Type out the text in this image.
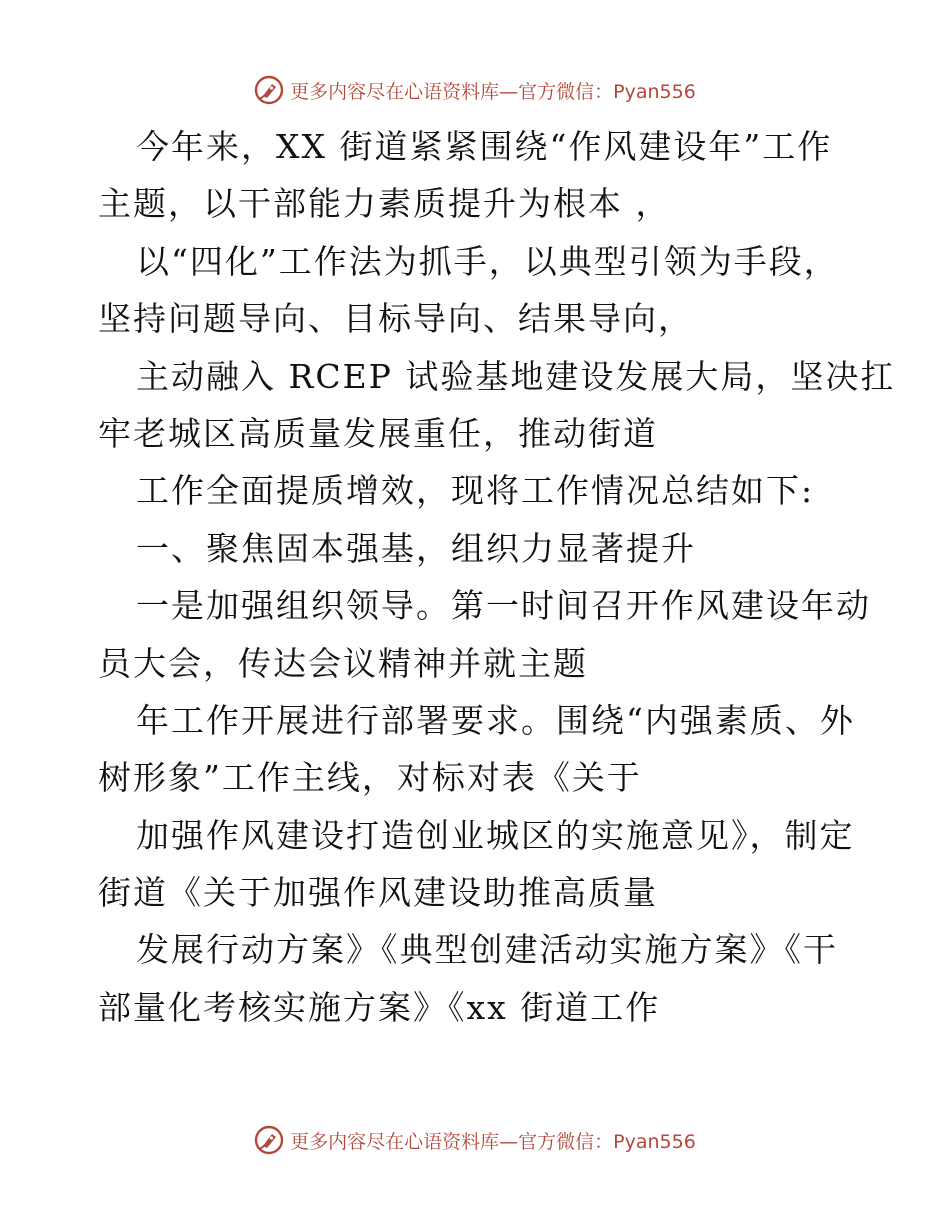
更多内容尽在心语资料库—官方微信：Pyan556
今年来，XX 街道紧紧围绕“作风建设年”工作
主题，以干部能力素质提升为根本 ，
以“四化”工作法为抓手，以典型引领为手段，
坚持问题导向、目标导向、结果导向，
主动融入 RCEP 试验基地建设发展大局，坚决扛
牢老城区高质量发展重任，推动街道
工作全面提质增效，现将工作情况总结如下:
一、聚焦固本强基，组织力显著提升
一是加强组织领导。第一时间召开作风建设年动
员大会，传达会议精神并就主题
年工作开展进行部署要求。围绕“内强素质、外
树形象”工作主线，对标对表《关于
加强作风建设打造创业城区的实施意见》，制定
街道《关于加强作风建设助推高质量
发展行动方案》《典型创建活动实施方案》《干
部量化考核实施方案》《xx 街道工作
更多内容尽在心语资料库—官方微信：Pyan556
